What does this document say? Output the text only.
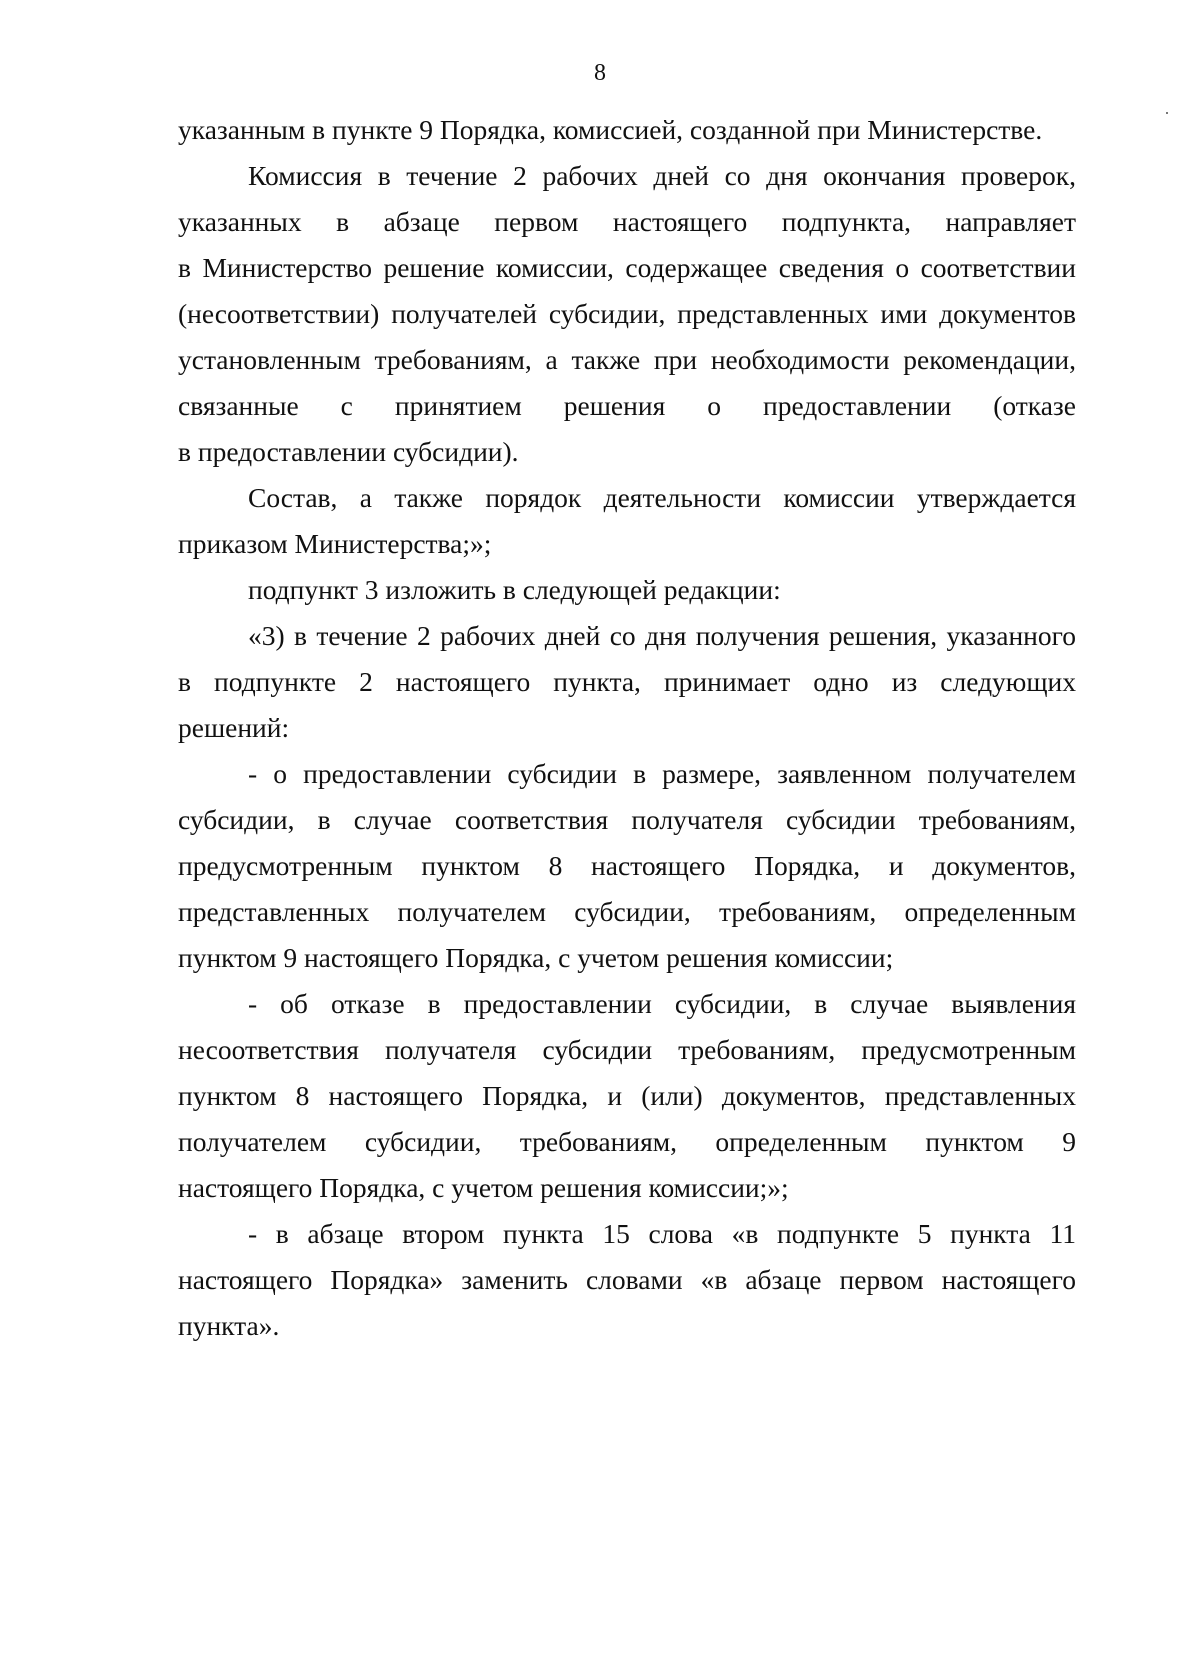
8
указанным в пункте 9 Порядка, комиссией, созданной при Министерстве.
Комиссия в течение 2 рабочих дней со дня окончания проверок,
указанных в абзаце первом настоящего подпункта, направляет
в Министерство решение комиссии, содержащее сведения о соответствии
(несоответствии) получателей субсидии, представленных ими документов
установленным требованиям, а также при необходимости рекомендации,
связанные с принятием решения о предоставлении (отказе
в предоставлении субсидии).
Состав, а также порядок деятельности комиссии утверждается
приказом Министерства;»;
подпункт 3 изложить в следующей редакции:
«3) в течение 2 рабочих дней со дня получения решения, указанного
в подпункте 2 настоящего пункта, принимает одно из следующих
решений:
- о предоставлении субсидии в размере, заявленном получателем
субсидии, в случае соответствия получателя субсидии требованиям,
предусмотренным пунктом 8 настоящего Порядка, и документов,
представленных получателем субсидии, требованиям, определенным
пунктом 9 настоящего Порядка, с учетом решения комиссии;
- об отказе в предоставлении субсидии, в случае выявления
несоответствия получателя субсидии требованиям, предусмотренным
пунктом 8 настоящего Порядка, и (или) документов, представленных
получателем субсидии, требованиям, определенным пунктом 9
настоящего Порядка, с учетом решения комиссии;»;
- в абзаце втором пункта 15 слова «в подпункте 5 пункта 11
настоящего Порядка» заменить словами «в абзаце первом настоящего
пункта».
